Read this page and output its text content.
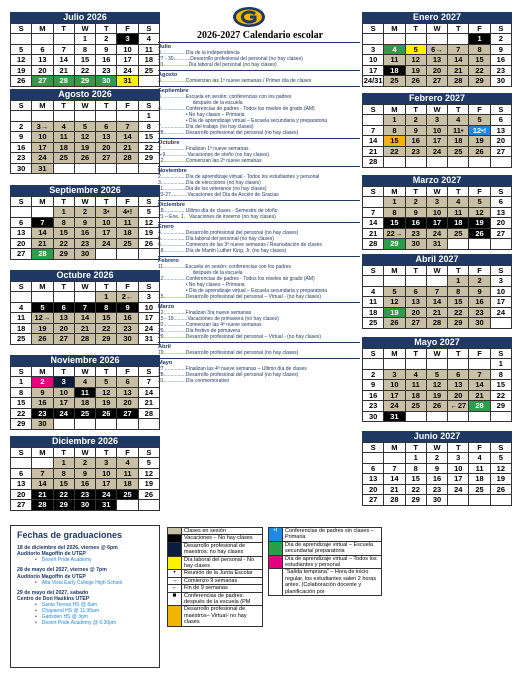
2026-2027 Calendario escolar
Julio 2026
S	M	T	W	T	F	S
			1	2	3	4
5	6	7	8	9	10	11
12	13	14	15	16	17	18
19	20	21	22	23	24	25
26	27	28	29	30	31	
Agosto 2026
S	M	T	W	T	F	S
						1
2	3→	4	5	6	7	8
9	10	11	12	13	14	15
16	17	18	19	20	21	22
23	24	25	26	27	28	29
30	31					
Septiembre 2026
S	M	T	W	T	F	S
		1	2	3•	4•!	5
6	7	8	9	10	11	12
13	14	15	16	17	18	19
20	21	22	23	24	25	26
27	28	29	30			
Octubre 2026
S	M	T	W	T	F	S
				1	2←	3
4	5	6	7	8	9	10
11	12→	13	14	15	16	17
18	19	20	21	22	23	24
25	26	27	28	29	30	31
Noviembre 2026
S	M	T	W	T	F	S
1	2	3	4	5	6	7
8	9	10	11	12	13	14
15	16	17	18	19	20	21
22	23	24	25	26	27	28
29	30					
Diciembre 2026
S	M	T	W	T	F	S
		1	2	3	4	5
6	7	8	9	10	11	12
13	14	15	16	17	18	19
20	21	22	23	24	25	26
27	28	29	30	31		
Enero 2027
S	M	T	W	T	F	S
					1	2
3	4	5	6→	7	8	9
10	11	12	13	14	15	16
17	18	19	20	21	22	23
24/31	25	26	27	28	29	30
Febrero 2027
S	M	T	W	T	F	S
	1	2	3	4	5	6
7	8	9	10	11•	12•!	13
14	15	16	17	18	19	20
21	22	23	24	25	26	27
28						
Marzo 2027
S	M	T	W	T	F	S
	1	2	3	4	5	6
7	8	9	10	11	12	13
14	15	16	17	18	19	20
21	22→	23	24	25	26	27
28	29	30	31			
Abril 2027
S	M	T	W	T	F	S
				1	2	3
4	5	6	7	8	9	10
11	12	13	14	15	16	17
18	19	20	21	22	23	24
25	26	27	28	29	30	
Mayo 2027
S	M	T	W	T	F	S
						1
2	3	4	5	6	7	8
9	10	11	12	13	14	15
16	17	18	19	20	21	22
23	24	25	26	←27	28	29
30	31					
Junio 2027
S	M	T	W	T	F	S
		1	2	3	4	5
6	7	8	9	10	11	12
13	14	15	16	17	18	19
20	21	22	23	24	25	26
27	28	29	30			
Julio
3..................Día de la independencia
27 - 30............Desarrollo profesional del personal (no hay clases)
31..................Día laboral del personal (no hay clases)
Agosto
3..................Comienzan las 1ª nueve semanas / Primer día de clases
Septiembre
3..................Escuela en sesión: conferencias con los padres
después de la escuela
4..................Conferencias de padres - Todos los niveles de grado (AM)
• No hay clases – Primaria
• Día de aprendizaje virtual – Escuela secundaria y preparatoria
7..................Día del trabajo (no hay clases)
28................Desarrollo profesional del personal (no hay clases)
Octubre
2..................Finalizan 1ª nueve semanas
5-9................Vacaciones de otoño (no hay clases)
12................Comienzan las 2ª nueve semanas
Noviembre
2..................Día de aprendizaje virtual - Todos los estudiantes y personal
3..................Día de elecciones (no hay clases)
11................Día de los veteranos (no hay clases)
23-27............Vacaciones del Día de Acción de Gracias
Diciembre
18................Último día de clases - Semestre de otoño
21 – Ene. 1.   Vacaciones de invierno (no hay clases)
Enero
4..................Desarrollo profesional del personal (no hay clases)
5..................Día laboral del personal (no hay clases)
6..................Comienzo de las 3ª nueve semanas / Reanudación de clases
18................Día de Martin Luther King, Jr. (no hay clases)
Febrero
11................Escuela en sesión: conferencias con los padres
después de la escuela
12................Conferencias de padres - Todos los niveles de grado (AM)
• No hay clases – Primaria
• Día de aprendizaje virtual – Escuela secundaria y preparatoria
15................Desarrollo profesional del personal – Virtual - (no hay clases)
Marzo
12................Finalizan 3ra nueve semanas
15 - 19..........Vacaciones de primavera (no hay clases)
22................Comienzan las 4ª nueve semanas
26................Día festivo de primavera
29................Desarrollo profesional del personal – Virtual - (no hay clases)
Abril
19................Desarrollo profesional del personal (no hay clases)
Mayo
27................Finalizan las 4ª nueve semanas – Último día de clases
28................Desarrollo profesional del personal (no hay clases)
31................Día conmemorativo
Fechas de graduaciones
18 de diciembre del 2026, viernes @ 6pm
Auditorio Magoffin de UTEP
• Desert Pride Academy
28 de mayo del 2027, viernes @ 7pm
Auditorio Magoffin de UTEP
• Alta Vista Early College High School
29 de mayo del 2027, sabado
Centro de Don Haskins UTEP
• Santa Teresa HS @ 8am
• Chaparral HS @ 11:30am
• Gadsden HS @ 3pm
• Desert Pride Academy @ 6:30pm
	Clases en sesión
	Vacaciones – No hay clases
	Desarrollo profesional de maestros: no hay clases
	Día laboral del personal - No hay clases
•	Reunión de la Junta Escolar
→	Comienzo 9 semanas
←	Fin de 9 semanas
■	Conferencias de padres: después de la escuela (PM
	Desarrollo profesional de maestros– Virtual- no hay clases
•!	Conferencias de padres sin clases – Primaria
	Día de aprendizaje virtual – Escuela secundaria/ preparatoria
	Día de aprendizaje virtual – Todos los estudiantes y personal
	“Salida temprana” – Hora de inicio regular, los estudiantes salen 2 horas antes. (Colaboración docente y planificación por
